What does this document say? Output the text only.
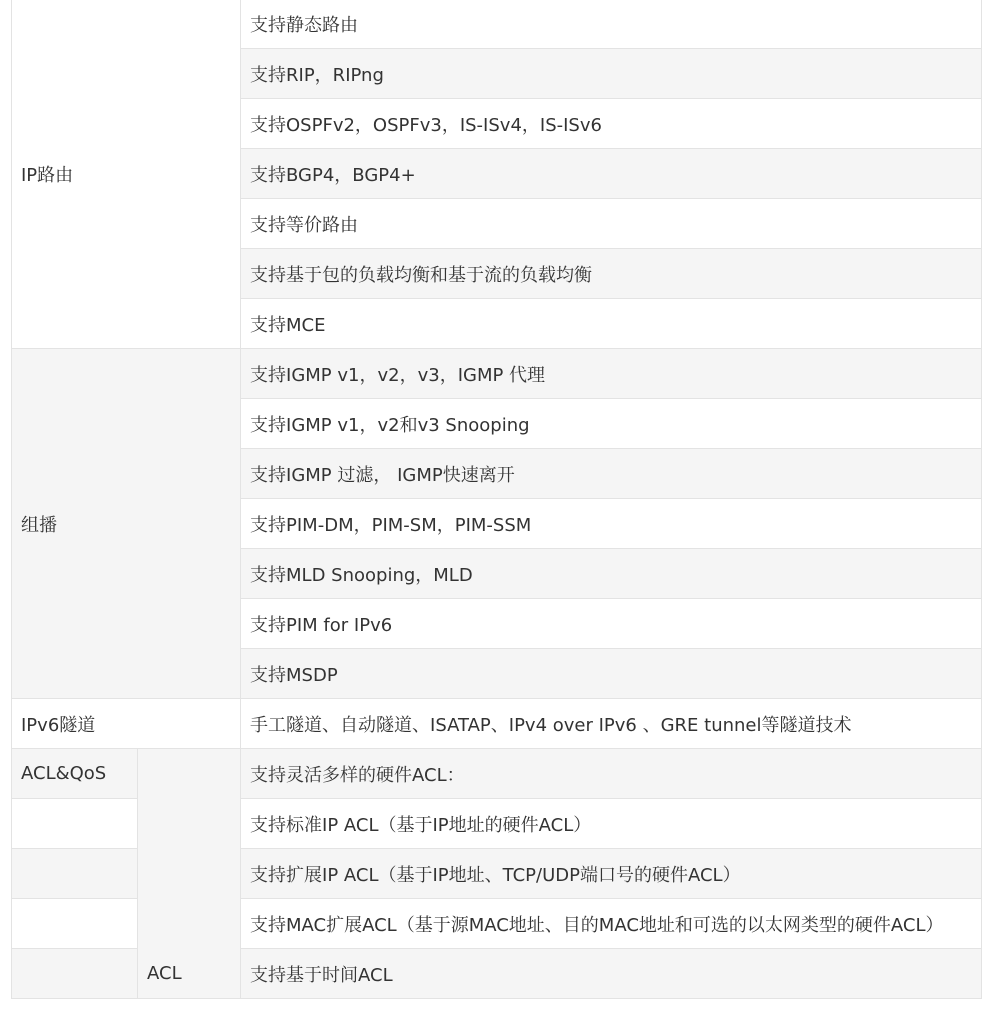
IP路由		支持静态路由
		支持RIP，RIPng
		支持OSPFv2，OSPFv3，IS-ISv4，IS-ISv6
		支持BGP4，BGP4+
		支持等价路由
		支持基于包的负载均衡和基于流的负载均衡
		支持MCE
组播		支持IGMP v1，v2，v3，IGMP 代理
		支持IGMP v1，v2和v3 Snooping
		支持IGMP 过滤， IGMP快速离开
		支持PIM-DM，PIM-SM，PIM-SSM
		支持MLD Snooping，MLD
		支持PIM for IPv6
		支持MSDP
IPv6隧道		手工隧道、自动隧道、ISATAP、IPv4 over IPv6 、GRE tunnel等隧道技术
ACL&QoS	ACL	支持灵活多样的硬件ACL：
		支持标准IP ACL（基于IP地址的硬件ACL）
		支持扩展IP ACL（基于IP地址、TCP/UDP端口号的硬件ACL）
		支持MAC扩展ACL（基于源MAC地址、目的MAC地址和可选的以太网类型的硬件ACL）
		支持基于时间ACL
